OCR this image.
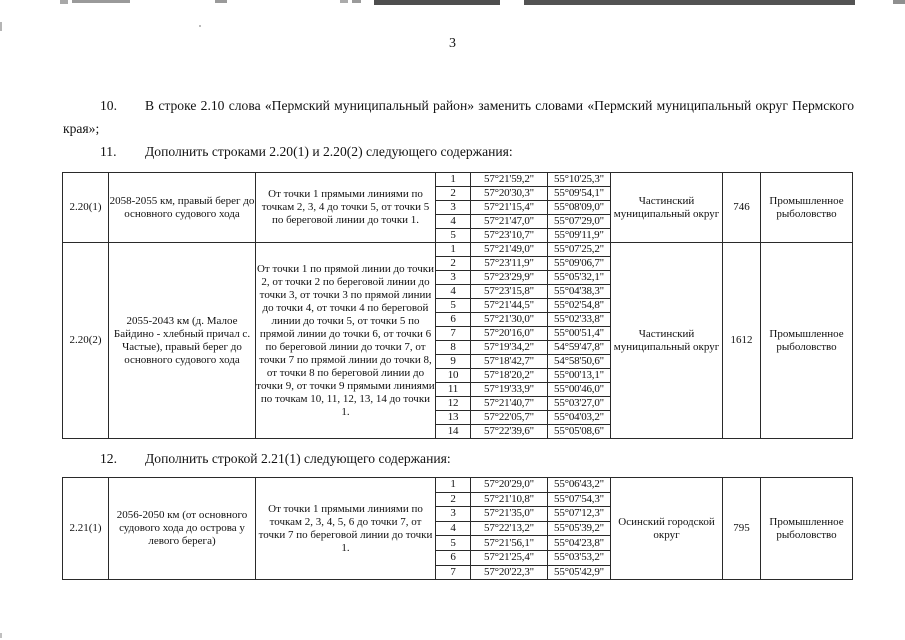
3
10. В строке 2.10 слова «Пермский муниципальный район» заменить словами «Пермский муниципальный округ Пермского края»;
11. Дополнить строками 2.20(1) и 2.20(2) следующего содержания:
2.20(1)	2058-2055 км, правый берег до основного судового хода	От точки 1 прямыми линиями по точкам 2, 3, 4 до точки 5, от точки 5 по береговой линии до точки 1.	1	57°21'59,2"	55°10'25,3"	Частинский муниципальный округ	746	Промышленное рыболовство
			2	57°20'30,3"	55°09'54,1"			
			3	57°21'15,4"	55°08'09,0"			
			4	57°21'47,0"	55°07'29,0"			
			5	57°23'10,7"	55°09'11,9"			
2.20(2)	2055-2043 км (д. Малое Байдино - хлебный причал с. Частые), правый берег до основного судового хода	От точки 1 по прямой линии до точки 2, от точки 2 по береговой линии до точки 3, от точки 3 по прямой линии до точки 4, от точки 4 по береговой линии до точки 5, от точки 5 по прямой линии до точки 6, от точки 6 по береговой линии до точки 7, от точки 7 по прямой линии до точки 8, от точки 8 по береговой линии до точки 9, от точки 9 прямыми линиями по точкам 10, 11, 12, 13, 14 до точки 1.	1	57°21'49,0"	55°07'25,2"	Частинский муниципальный округ	1612	Промышленное рыболовство
			2	57°23'11,9"	55°09'06,7"			
			3	57°23'29,9"	55°05'32,1"			
			4	57°23'15,8"	55°04'38,3"			
			5	57°21'44,5"	55°02'54,8"			
			6	57°21'30,0"	55°02'33,8"			
			7	57°20'16,0"	55°00'51,4"			
			8	57°19'34,2"	54°59'47,8"			
			9	57°18'42,7"	54°58'50,6"			
			10	57°18'20,2"	55°00'13,1"			
			11	57°19'33,9"	55°00'46,0"			
			12	57°21'40,7"	55°03'27,0"			
			13	57°22'05,7"	55°04'03,2"			
			14	57°22'39,6"	55°05'08,6"			
12. Дополнить строкой 2.21(1) следующего содержания:
2.21(1)	2056-2050 км (от основного судового хода до острова у левого берега)	От точки 1 прямыми линиями по точкам 2, 3, 4, 5, 6 до точки 7, от точки 7 по береговой линии до точки 1.	1	57°20'29,0"	55°06'43,2"	Осинский городской округ	795	Промышленное рыболовство
			2	57°21'10,8"	55°07'54,3"			
			3	57°21'35,0"	55°07'12,3"			
			4	57°22'13,2"	55°05'39,2"			
			5	57°21'56,1"	55°04'23,8"			
			6	57°21'25,4"	55°03'53,2"			
			7	57°20'22,3"	55°05'42,9"			
